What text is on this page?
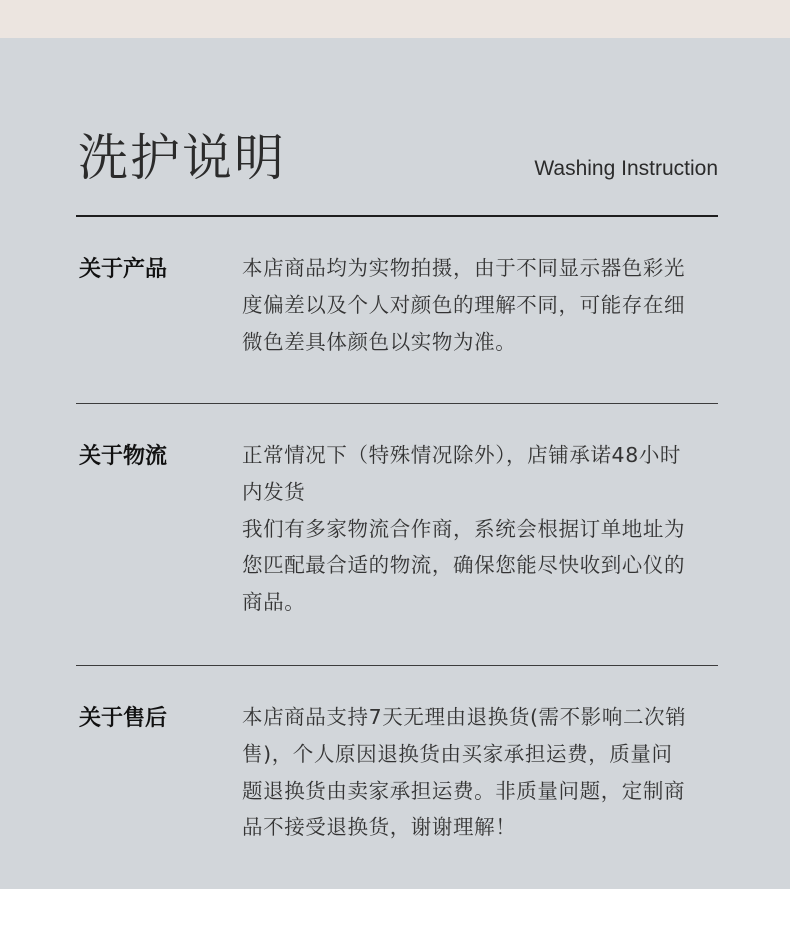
洗护说明	Washing Instruction
关于产品	本店商品均为实物拍摄，由于不同显示器色彩光

度偏差以及个人对颜色的理解不同，可能存在细

微色差具体颜色以实物为准。

关于物流	正常情况下（特殊情况除外），店铺承诺48小时

内发货

我们有多家物流合作商，系统会根据订单地址为

您匹配最合适的物流，确保您能尽快收到心仪的

商品。

关于售后	本店商品支持7天无理由退换货(需不影响二次销

售)，个人原因退换货由买家承担运费，质量问

题退换货由卖家承担运费。非质量问题，定制商

品不接受退换货，谢谢理解！
